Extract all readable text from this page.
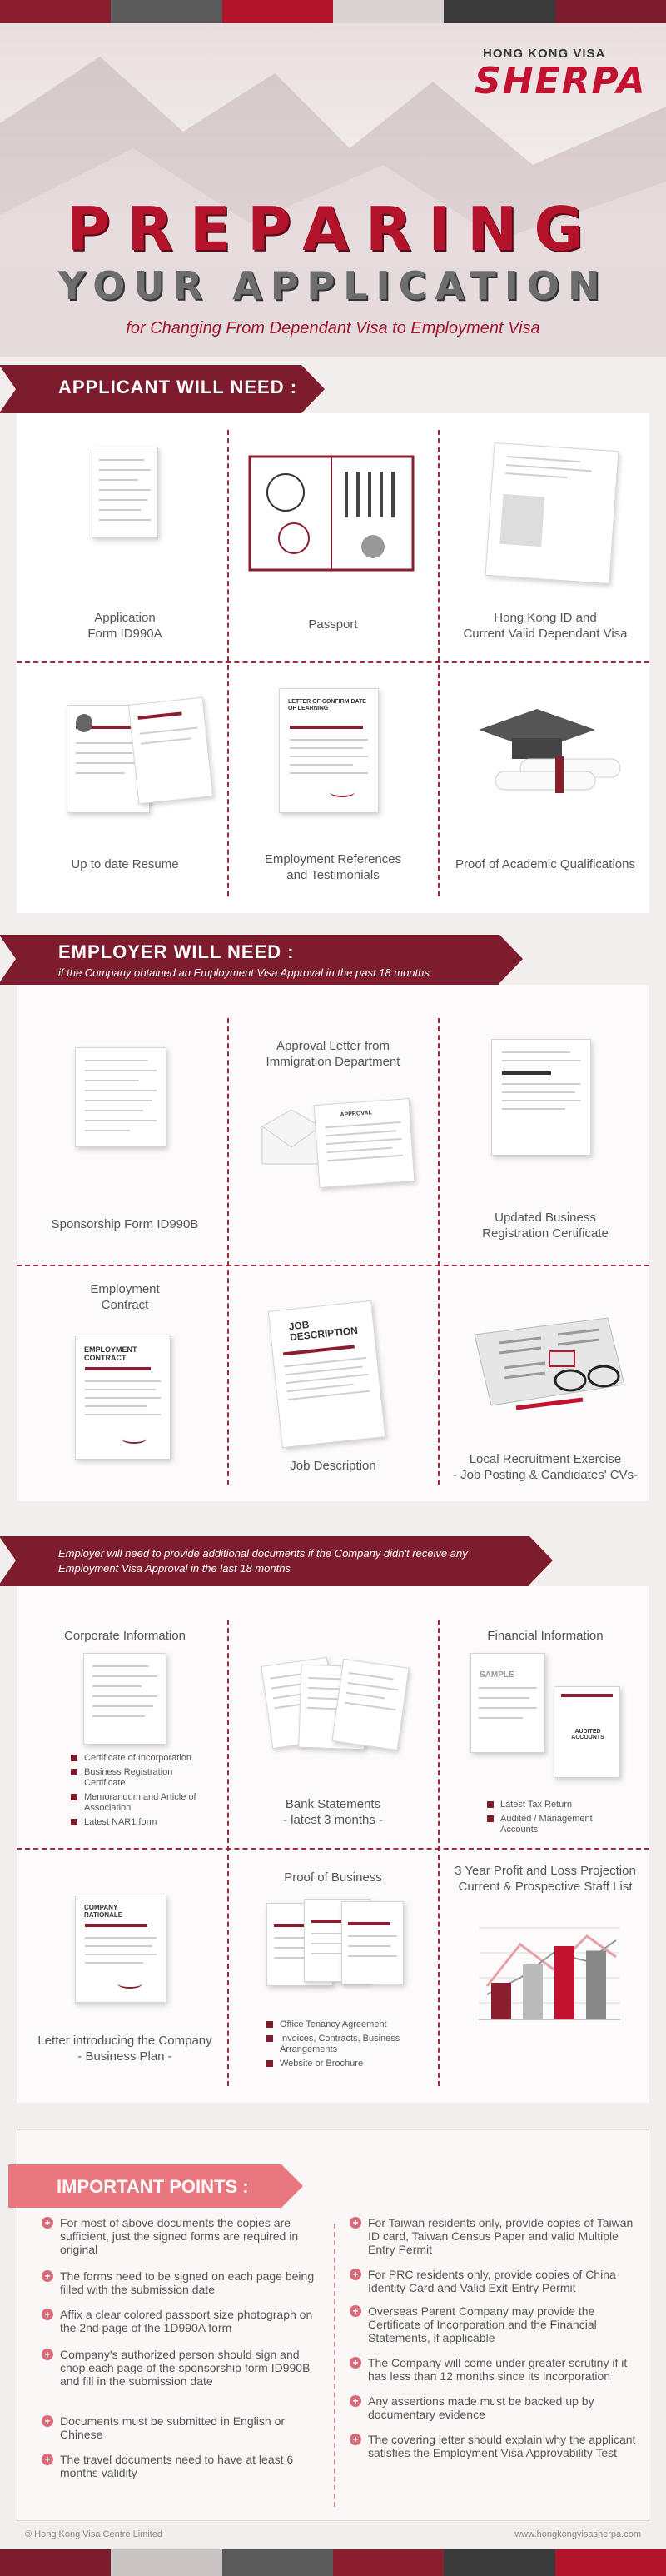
HONG KONG VISA
SHERPA
PREPARING
YOUR APPLICATION
for Changing From Dependant Visa to Employment Visa
APPLICANT WILL NEED :
Application
Form ID990A
Passport	Hong Kong ID and
Current Valid Dependant Visa
Up to date Resume
LETTER OF CONFIRM DATE OF LEARNING
Employment References
and Testimonials
Proof of Academic Qualifications
EMPLOYER WILL NEED :
if the Company obtained an Employment Visa Approval in the past 18 months
Sponsorship Form ID990B
Approval Letter from
Immigration Department
APPROVAL
Updated Business
Registration Certificate
Employment
Contract
EMPLOYMENT CONTRACT
JOB DESCRIPTION
Job Description	Local Recruitment Exercise
- Job Posting & Candidates' CVs-
Employer will need to provide additional documents if the Company didn't receive any
Employment Visa Approval in the last 18 months
Corporate Information
Certificate of Incorporation
Business Registration Certificate
Memorandum and Article of Association
Latest NAR1 form
Bank Statements
- latest 3 months -
Financial Information
SAMPLE
AUDITED ACCOUNTS
Latest Tax Return
Audited / Management Accounts
COMPANY RATIONALE
Letter introducing the Company
- Business Plan -
Proof of Business
Office Tenancy Agreement
Invoices, Contracts, Business Arrangements
Website or Brochure
3 Year Profit and Loss Projection
Current & Prospective Staff List
IMPORTANT POINTS :
+ For most of above documents the copies are sufficient, just the signed forms are required in original
+ The forms need to be signed on each page being filled with the submission date
+ Affix a clear colored passport size photograph on the 2nd page of the 1D990A form
+ Company's authorized person should sign and chop each page of the sponsorship form ID990B and fill in the submission date
+ Documents must be submitted in English or Chinese
+ The travel documents need to have at least 6 months validity
+ For Taiwan residents only, provide copies of Taiwan ID card, Taiwan Census Paper and valid Multiple Entry Permit
+ For PRC residents only, provide copies of China Identity Card and Valid Exit-Entry Permit
+ Overseas Parent Company may provide the Certificate of Incorporation and the Financial Statements, if applicable
+ The Company will come under greater scrutiny if it has less than 12 months since its incorporation
+ Any assertions made must be backed up by documentary evidence
+ The covering letter should explain why the applicant satisfies the Employment Visa Approvability Test
© Hong Kong Visa Centre Limited	www.hongkongvisasherpa.com
